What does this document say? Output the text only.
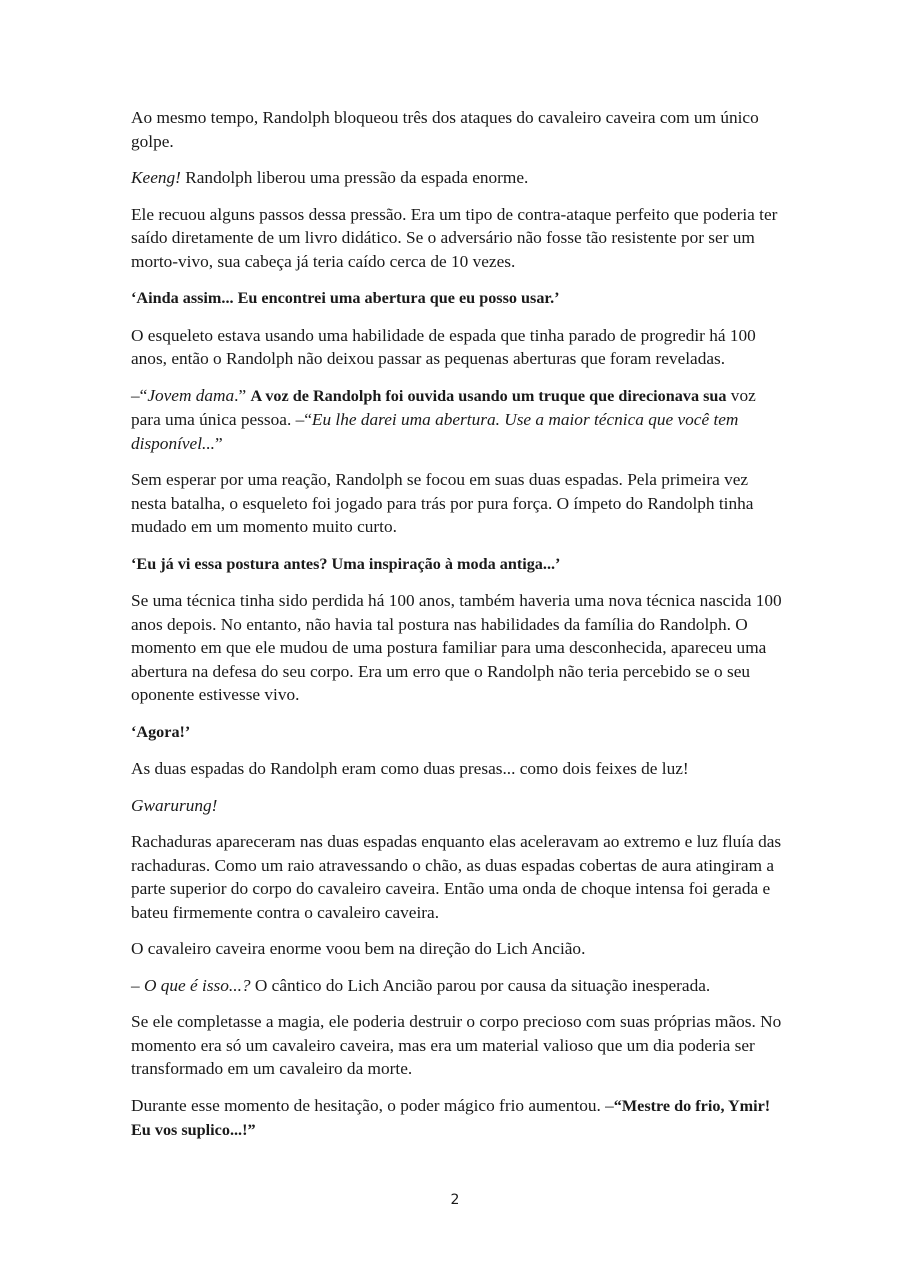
Ao mesmo tempo, Randolph bloqueou três dos ataques do cavaleiro caveira com um único golpe.

Keeng! Randolph liberou uma pressão da espada enorme.

Ele recuou alguns passos dessa pressão. Era um tipo de contra-ataque perfeito que poderia ter saído diretamente de um livro didático. Se o adversário não fosse tão resistente por ser um morto-vivo, sua cabeça já teria caído cerca de 10 vezes.

‘Ainda assim... Eu encontrei uma abertura que eu posso usar.’

O esqueleto estava usando uma habilidade de espada que tinha parado de progredir há 100 anos, então o Randolph não deixou passar as pequenas aberturas que foram reveladas.

–“Jovem dama.” A voz de Randolph foi ouvida usando um truque que direcionava sua voz para uma única pessoa. –“Eu lhe darei uma abertura. Use a maior técnica que você tem disponível...”

Sem esperar por uma reação, Randolph se focou em suas duas espadas. Pela primeira vez nesta batalha, o esqueleto foi jogado para trás por pura força. O ímpeto do Randolph tinha mudado em um momento muito curto.

‘Eu já vi essa postura antes? Uma inspiração à moda antiga...’

Se uma técnica tinha sido perdida há 100 anos, também haveria uma nova técnica nascida 100 anos depois. No entanto, não havia tal postura nas habilidades da família do Randolph. O momento em que ele mudou de uma postura familiar para uma desconhecida, apareceu uma abertura na defesa do seu corpo. Era um erro que o Randolph não teria percebido se o seu oponente estivesse vivo.

‘Agora!’

As duas espadas do Randolph eram como duas presas... como dois feixes de luz!

Gwarurung!

Rachaduras apareceram nas duas espadas enquanto elas aceleravam ao extremo e luz fluía das rachaduras. Como um raio atravessando o chão, as duas espadas cobertas de aura atingiram a parte superior do corpo do cavaleiro caveira. Então uma onda de choque intensa foi gerada e bateu firmemente contra o cavaleiro caveira.

O cavaleiro caveira enorme voou bem na direção do Lich Ancião.

– O que é isso...? O cântico do Lich Ancião parou por causa da situação inesperada.

Se ele completasse a magia, ele poderia destruir o corpo precioso com suas próprias mãos. No momento era só um cavaleiro caveira, mas era um material valioso que um dia poderia ser transformado em um cavaleiro da morte.

Durante esse momento de hesitação, o poder mágico frio aumentou. –“Mestre do frio, Ymir! Eu vos suplico...!”

2
